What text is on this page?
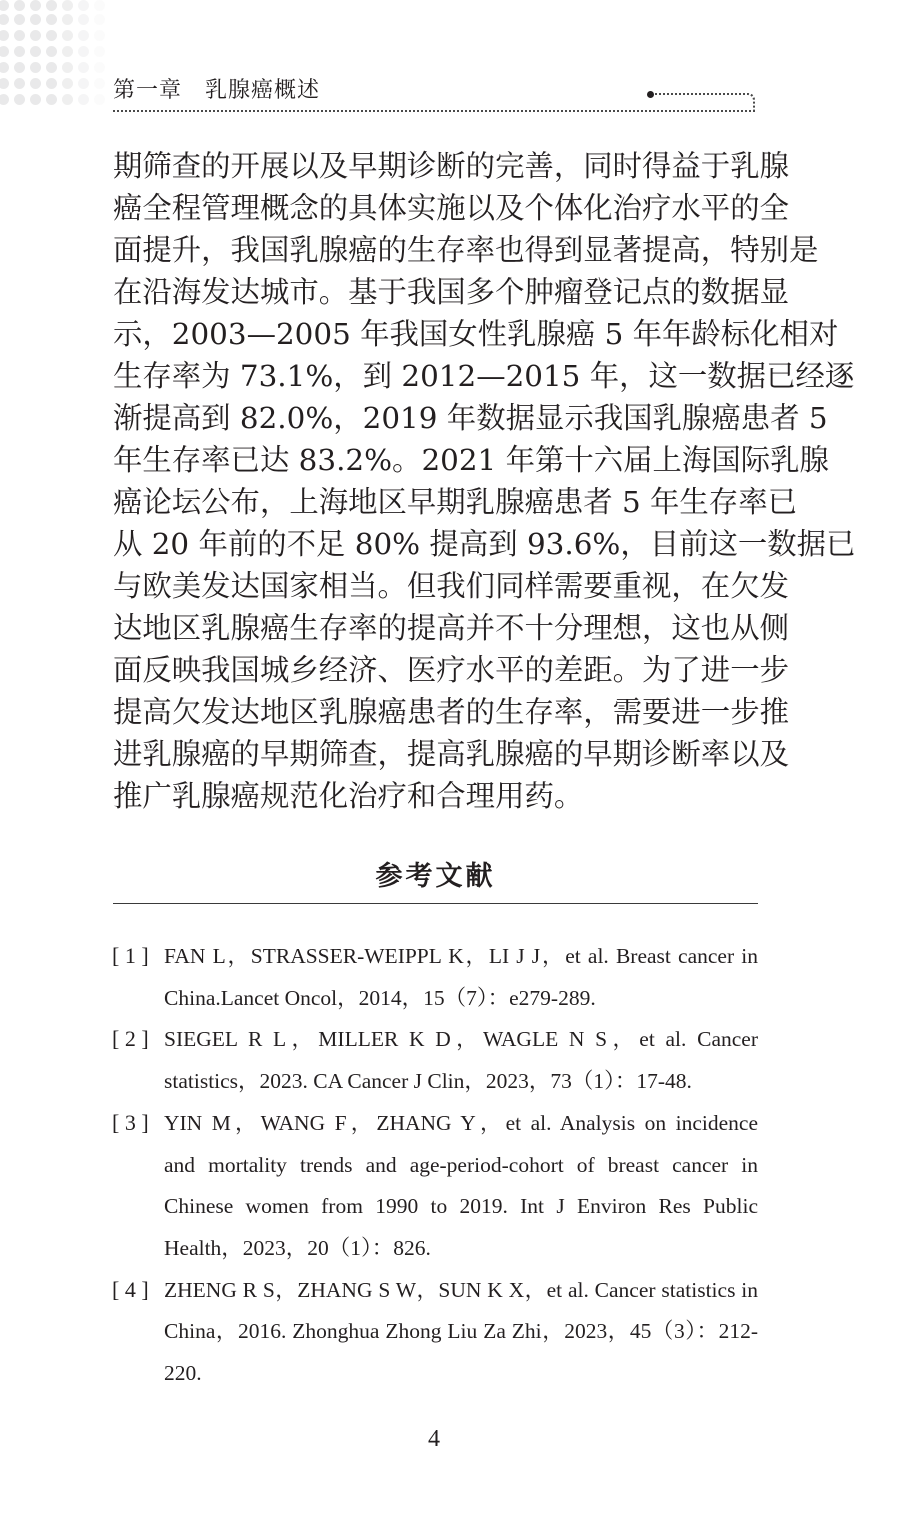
第一章　乳腺癌概述
期筛查的开展以及早期诊断的完善，同时得益于乳腺
癌全程管理概念的具体实施以及个体化治疗水平的全
面提升，我国乳腺癌的生存率也得到显著提高，特别是
在沿海发达城市。基于我国多个肿瘤登记点的数据显
示，2003—2005 年我国女性乳腺癌 5 年年龄标化相对
生存率为 73.1%，到 2012—2015 年，这一数据已经逐
渐提高到 82.0%，2019 年数据显示我国乳腺癌患者 5
年生存率已达 83.2%。2021 年第十六届上海国际乳腺
癌论坛公布，上海地区早期乳腺癌患者 5 年生存率已
从 20 年前的不足 80% 提高到 93.6%，目前这一数据已
与欧美发达国家相当。但我们同样需要重视，在欠发
达地区乳腺癌生存率的提高并不十分理想，这也从侧
面反映我国城乡经济、医疗水平的差距。为了进一步
提高欠发达地区乳腺癌患者的生存率，需要进一步推
进乳腺癌的早期筛查，提高乳腺癌的早期诊断率以及
推广乳腺癌规范化治疗和合理用药。
参考文献
[ 1 ] FAN L，STRASSER-WEIPPL K，LI J J，et al. Breast cancer in
China.Lancet Oncol，2014，15（7）：e279-289.
[ 2 ] SIEGEL R L，MILLER K D，WAGLE N S，et al. Cancer
statistics，2023. CA Cancer J Clin，2023，73（1）：17-48.
[ 3 ] YIN M，WANG F，ZHANG Y，et al. Analysis on incidence
and mortality trends and age-period-cohort of breast cancer in
Chinese women from 1990 to 2019. Int J Environ Res Public
Health，2023，20（1）：826.
[ 4 ] ZHENG R S，ZHANG S W，SUN K X，et al. Cancer statistics in
China，2016. Zhonghua Zhong Liu Za Zhi，2023，45（3）：212-
220.
4
